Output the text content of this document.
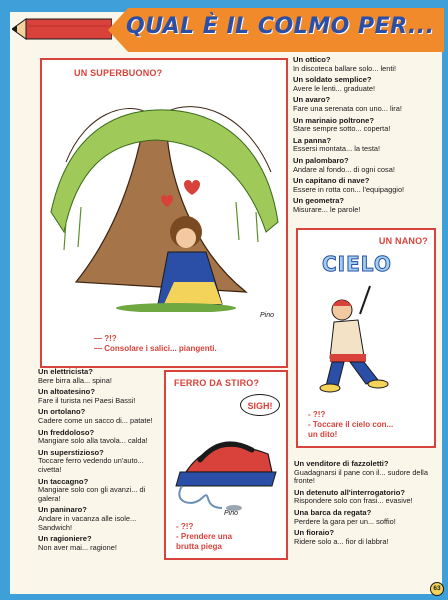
QUAL È IL COLMO PER...
UN SUPERBUONO?
Pino
— ?!?
— Consolare i salici... piangenti.
Un ottico?
In discoteca ballare solo... lenti!
Un soldato semplice?
Avere le lenti... graduate!
Un avaro?
Fare una serenata con uno... lira!
Un marinaio poltrone?
Stare sempre sotto... coperta!
La panna?
Essersi montata... la testa!
Un palombaro?
Andare al fondo... di ogni cosa!
Un capitano di nave?
Essere in rotta con... l'equipaggio!
Un geometra?
Misurare... le parole!
UN NANO?
CIELO
- ?!?
- Toccare il cielo con...
un dito!
Un elettricista?
Bere birra alla... spina!
Un altoatesino?
Fare il turista nei Paesi Bassi!
Un ortolano?
Cadere come un sacco di... patate!
Un freddoloso?
Mangiare solo alla tavola... calda!
Un superstizioso?
Toccare ferro vedendo un'auto... civetta!
Un taccagno?
Mangiare solo con gli avanzi... di galera!
Un paninaro?
Andare in vacanza alle isole... Sandwich!
Un ragioniere?
Non aver mai... ragione!
FERRO DA STIRO?
SIGH!
Pino
- ?!?
- Prendere una
brutta piega
Un venditore di fazzoletti?
Guadagnarsi il pane con il... sudore della fronte!
Un detenuto all'interrogatorio?
Rispondere solo con frasi... evasive!
Una barca da regata?
Perdere la gara per un... soffio!
Un fioraio?
Ridere solo a... fior di labbra!
63
